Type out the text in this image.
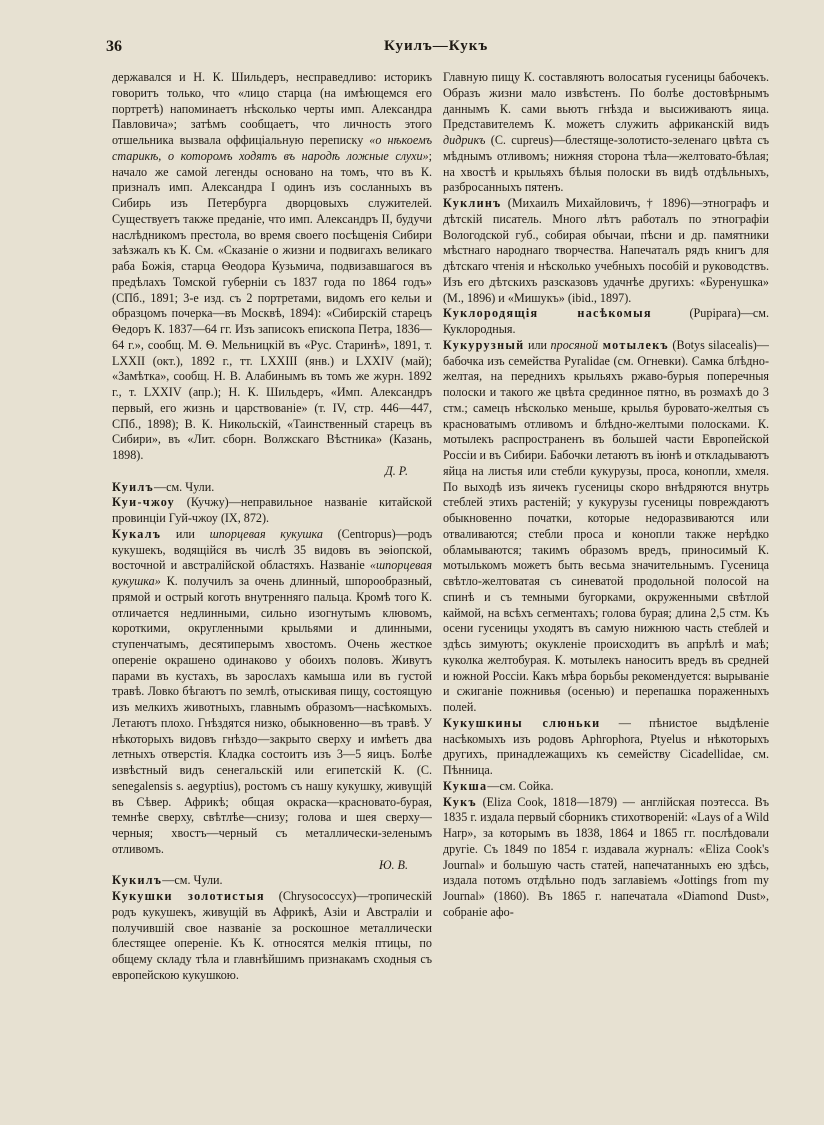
36	Куилъ—Кукъ

державался и Н. К. Шильдеръ, несправедливо: историкъ говоритъ только, что «лицо старца (на имѣющемся его портретѣ) напоминаетъ нѣсколько черты имп. Александра Павловича»; затѣмъ сообщаетъ, что личность этого отшельника вызвала оффиціальную переписку «о нѣкоемъ старикѣ, о которомъ ходятъ въ народѣ ложные слухи»; начало же самой легенды основано на томъ, что въ К. призналъ имп. Александра I одинъ изъ сосланныхъ въ Сибирь изъ Петербурга дворцовыхъ служителей. Существуетъ также преданіе, что имп. Александръ II, будучи наслѣдникомъ престола, во время своего посѣщенія Сибири заѣзжалъ къ К. См. «Сказаніе о жизни и подвигахъ великаго раба Божія, старца Ѳеодора Кузьмича, подвизавшагося въ предѣлахъ Томской губерніи съ 1837 года по 1864 годъ» (СПб., 1891; 3-е изд. съ 2 портретами, видомъ его кельи и образцомъ почерка—въ Москвѣ, 1894): «Сибирскій старецъ Ѳедоръ К. 1837—64 гг. Изъ записокъ епископа Петра, 1836—64 г.», сообщ. М. Ѳ. Мельницкій въ «Рус. Старинѣ», 1891, т. LXXII (окт.), 1892 г., тт. LXXIII (янв.) и LXXIV (май); «Замѣтка», сообщ. Н. В. Алабинымъ въ томъ же журн. 1892 г., т. LXXIV (апр.); Н. К. Шильдеръ, «Имп. Александръ первый, его жизнь и царствованіе» (т. IV, стр. 446—447, СПб., 1898); В. К. Никольскій, «Таинственный старецъ въ Сибири», въ «Лит. сборн. Волжскаго Вѣстника» (Казань, 1898).
Д. Р.

Куилъ—см. Чули.

Куи-чжоу (Кучжу)—неправильное названіе китайской провинціи Гуй-чжоу (IX, 872).

Кукалъ или шпорцевая кукушка (Centropus)—родъ кукушекъ, водящійся въ числѣ 35 видовъ въ эѳіопской, восточной и австралійской областяхъ. Названіе «шпорцевая кукушка» К. получилъ за очень длинный, шпорообразный, прямой и острый коготь внутренняго пальца. Кромѣ того К. отличается недлинными, сильно изогнутымъ клювомъ, короткими, округленными крыльями и длинными, ступенчатымъ, десятиперымъ хвостомъ. Очень жесткое опереніе окрашено одинаково у обоихъ половъ. Живутъ парами въ кустахъ, въ зарослахъ камыша или въ густой травѣ. Ловко бѣгаютъ по землѣ, отыскивая пищу, состоящую изъ мелкихъ животныхъ, главнымъ образомъ—насѣкомыхъ. Летаютъ плохо. Гнѣздятся низко, обыкновенно—въ травѣ. У нѣкоторыхъ видовъ гнѣздо—закрыто сверху и имѣетъ два летныхъ отверстія. Кладка состоитъ изъ 3—5 яицъ. Болѣе извѣстный видъ сенегальскій или египетскій К. (C. senegalensis s. aegyptius), ростомъ съ нашу кукушку, живущій въ Сѣвер. Африкѣ; общая окраска—красновато-бурая, темнѣе сверху, свѣтлѣе—снизу; голова и шея сверху—черныя; хвостъ—черный съ металлически-зеленымъ отливомъ.
Ю. В.

Кукилъ—см. Чули.

Кукушки золотистыя (Chrysococcyx)—тропическій родъ кукушекъ, живущій въ Африкѣ, Азіи и Австраліи и получившій свое названіе за роскошное металлически блестящее опереніе. Къ К. относятся мелкія птицы, по общему складу тѣла и главнѣйшимъ признакамъ сходныя съ европейскою кукушкою.

Главную пищу К. составляютъ волосатыя гусеницы бабочекъ. Образъ жизни мало извѣстенъ. По болѣе достовѣрнымъ даннымъ К. сами вьютъ гнѣзда и высиживаютъ яица. Представителемъ К. можетъ служить африканскій видъ дидрикъ (C. cupreus)—блестяще-золотисто-зеленаго цвѣта съ мѣднымъ отливомъ; нижняя сторона тѣла—желтовато-бѣлая; на хвостѣ и крыльяхъ бѣлыя полоски въ видѣ отдѣльныхъ, разбросанныхъ пятенъ.

Куклинъ (Михаилъ Михайловичъ, † 1896)—этнографъ и дѣтскій писатель. Много лѣтъ работалъ по этнографіи Вологодской губ., собирая обычаи, пѣсни и др. памятники мѣстнаго народнаго творчества. Напечаталъ рядъ книгъ для дѣтскаго чтенія и нѣсколько учебныхъ пособій и руководствъ. Изъ его дѣтскихъ разсказовъ удачнѣе другихъ: «Буренушка» (М., 1896) и «Мишукъ» (ibid., 1897).

Куклородящія насѣкомыя (Pupipara)—см. Куклородныя.

Кукурузный или просяной мотылекъ (Botys silacealis)—бабочка изъ семейства Pyralidae (см. Огневки). Самка блѣдно-желтая, на переднихъ крыльяхъ ржаво-бурыя поперечныя полоски и такого же цвѣта срединное пятно, въ розмахѣ до 3 стм.; самецъ нѣсколько меньше, крылья буровато-желтыя съ красноватымъ отливомъ и блѣдно-желтыми полосками. К. мотылекъ распространенъ въ большей части Европейской Россіи и въ Сибири. Бабочки летаютъ въ іюнѣ и откладываютъ яйца на листья или стебли кукурузы, проса, конопли, хмеля. По выходѣ изъ яичекъ гусеницы скоро внѣдряются внутрь стеблей этихъ растеній; у кукурузы гусеницы повреждаютъ обыкновенно початки, которые недоразвиваются или отваливаются; стебли проса и конопли также нерѣдко обламываются; такимъ образомъ вредъ, приносимый К. мотылькомъ можетъ быть весьма значительнымъ. Гусеница свѣтло-желтоватая съ синеватой продольной полосой на спинѣ и съ темными бугорками, окруженными свѣтлой каймой, на всѣхъ сегментахъ; голова бурая; длина 2,5 стм. Къ осени гусеницы уходятъ въ самую нижнюю часть стеблей и здѣсь зимуютъ; окукленіе происходитъ въ апрѣлѣ и маѣ; куколка желтобурая. К. мотылекъ наноситъ вредъ въ средней и южной Россіи. Какъ мѣра борьбы рекомендуется: вырываніе и сжиганіе пожнивья (осенью) и перепашка пораженныхъ полей.

Кукушкины слюньки — пѣнистое выдѣленіе насѣкомыхъ изъ родовъ Aphrophora, Ptyelus и нѣкоторыхъ другихъ, принадлежащихъ къ семейству Cicadellidae, см. Пѣнница.

Кукша—см. Сойка.

Кукъ (Eliza Cook, 1818—1879) — англійская поэтесса. Въ 1835 г. издала первый сборникъ стихотвореній: «Lays of a Wild Harp», за которымъ въ 1838, 1864 и 1865 гг. послѣдовали другіе. Съ 1849 по 1854 г. издавала журналъ: «Eliza Cook's Journal» и большую часть статей, напечатанныхъ ею здѣсь, издала потомъ отдѣльно подъ заглавіемъ «Jottings from my Journal» (1860). Въ 1865 г. напечатала «Diamond Dust», собраніе афо-
